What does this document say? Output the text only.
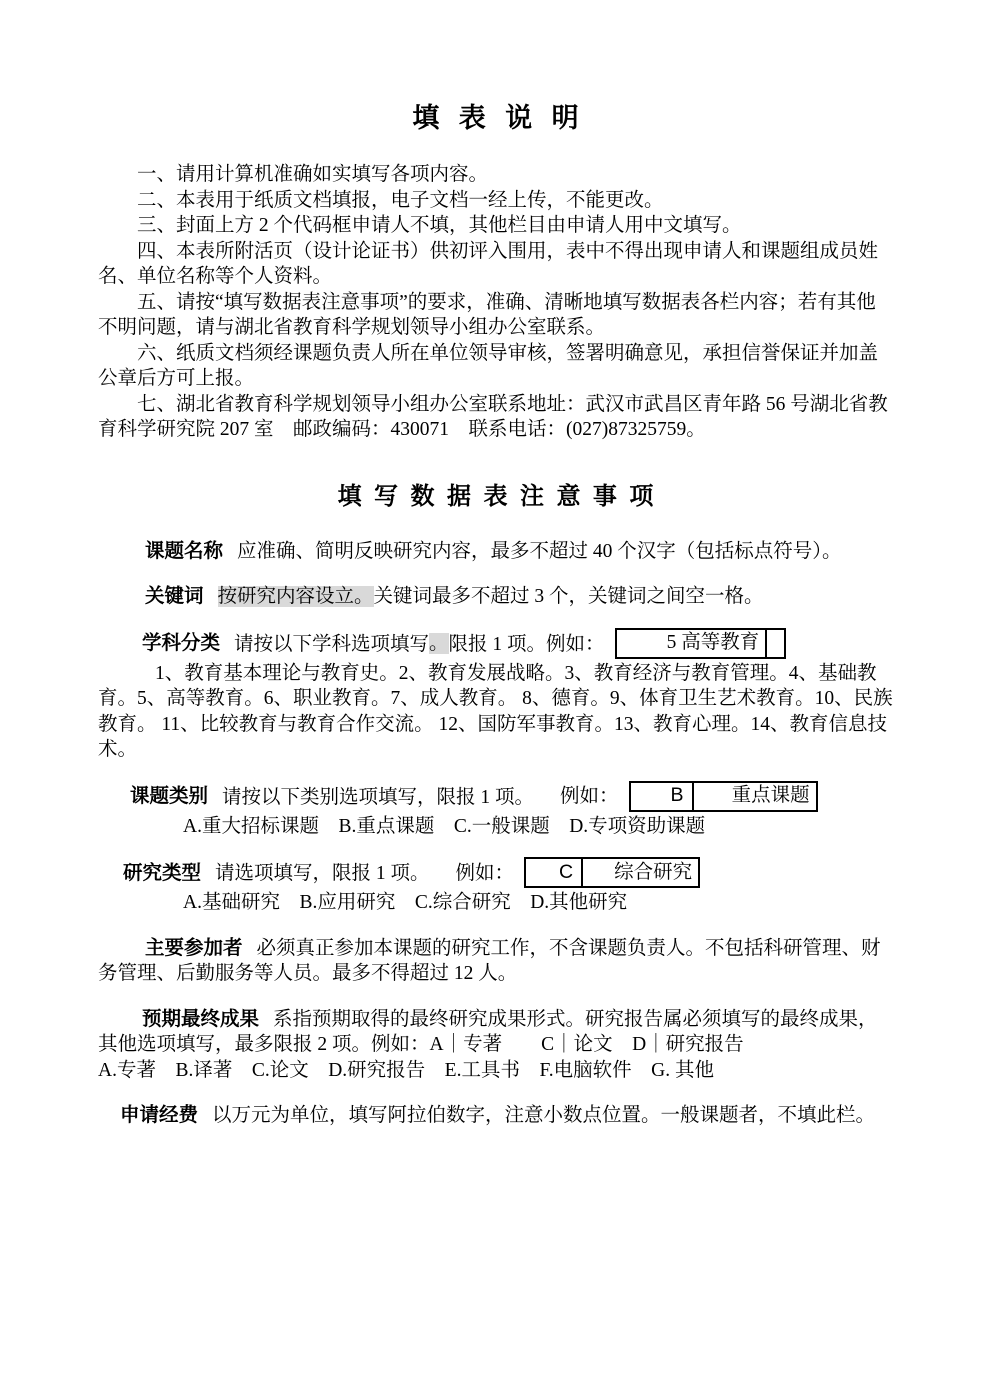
填表说明

一、请用计算机准确如实填写各项内容。

二、本表用于纸质文档填报，电子文档一经上传，不能更改。

三、封面上方 2 个代码框申请人不填，其他栏目由申请人用中文填写。

四、本表所附活页（设计论证书）供初评入围用，表中不得出现申请人和课题组成员姓名、单位名称等个人资料。

五、请按“填写数据表注意事项”的要求，准确、清晰地填写数据表各栏内容；若有其他不明问题，请与湖北省教育科学规划领导小组办公室联系。

六、纸质文档须经课题负责人所在单位领导审核，签署明确意见，承担信誉保证并加盖公章后方可上报。

七、湖北省教育科学规划领导小组办公室联系地址：武汉市武昌区青年路 56 号湖北省教育科学研究院 207 室　邮政编码：430071　联系电话：(027)87325759。

填写数据表注意事项

课题名称 应准确、简明反映研究内容，最多不超过 40 个汉字（包括标点符号）。

关键词 按研究内容设立。关键词最多不超过 3 个，关键词之间空一格。

学科分类 请按以下学科选项填写。限报 1 项。例如：	5 高等教育

1、教育基本理论与教育史。2、教育发展战略。3、教育经济与教育管理。4、基础教育。5、高等教育。6、职业教育。7、成人教育。 8、德育。9、体育卫生艺术教育。10、民族教育。 11、比较教育与教育合作交流。 12、国防军事教育。13、教育心理。14、教育信息技术。

课题类别 请按以下类别选项填写，限报 1 项。 例如：	B	重点课题

A.重大招标课题　B.重点课题　C.一般课题　D.专项资助课题

研究类型 请选项填写，限报 1 项。 例如：	C	综合研究

A.基础研究　B.应用研究　C.综合研究　D.其他研究

主要参加者 必须真正参加本课题的研究工作，不含课题负责人。不包括科研管理、财务管理、后勤服务等人员。最多不得超过 12 人。

预期最终成果 系指预期取得的最终研究成果形式。研究报告属必须填写的最终成果，其他选项填写，最多限报 2 项。例如：A｜专著　　C｜论文　D｜研究报告

A.专著　B.译著　C.论文　D.研究报告　E.工具书　F.电脑软件　G. 其他

申请经费 以万元为单位，填写阿拉伯数字，注意小数点位置。一般课题者，不填此栏。
